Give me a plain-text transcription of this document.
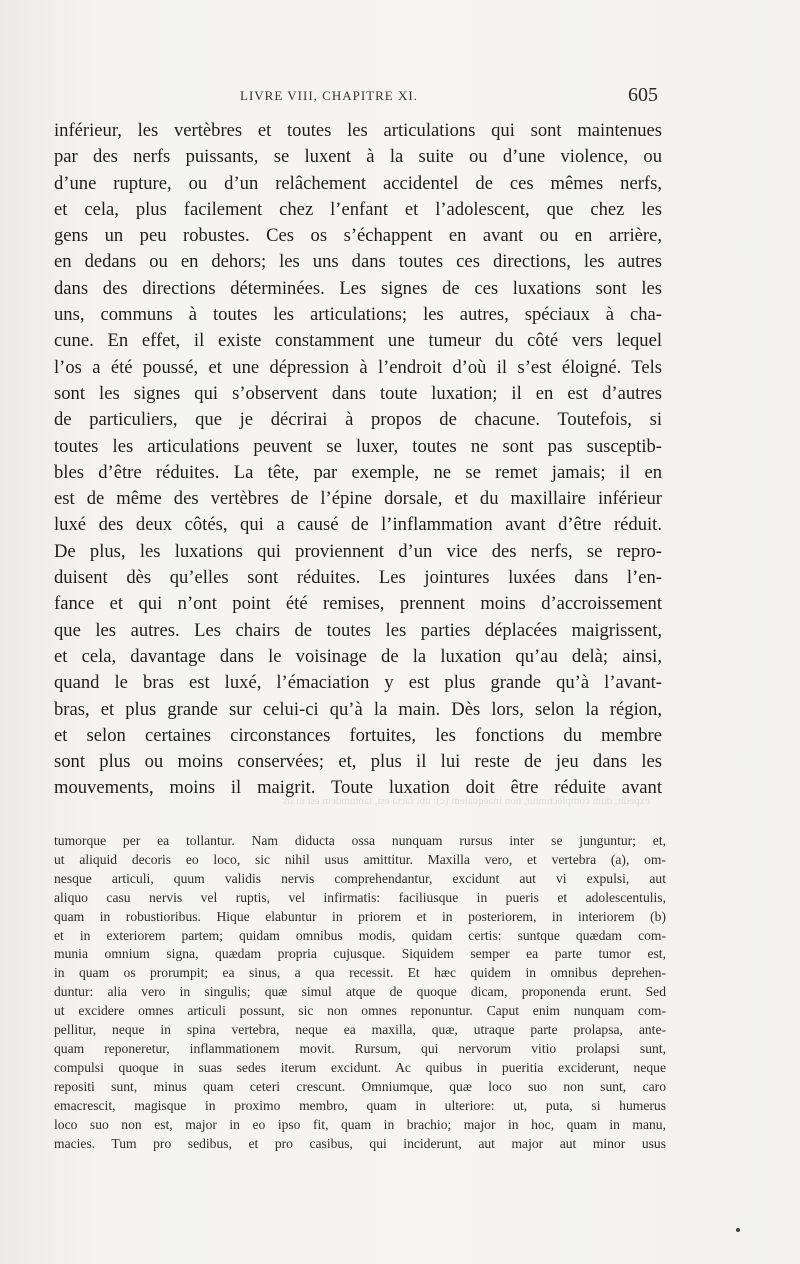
LIVRE VIII, CHAPITRE XI.	605
inférieur, les vertèbres et toutes les articulations qui sont maintenues
par des nerfs puissants, se luxent à la suite ou d’une violence, ou
d’une rupture, ou d’un relâchement accidentel de ces mêmes nerfs,
et cela, plus facilement chez l’enfant et l’adolescent, que chez les
gens un peu robustes. Ces os s’échappent en avant ou en arrière,
en dedans ou en dehors; les uns dans toutes ces directions, les autres
dans des directions déterminées. Les signes de ces luxations sont les
uns, communs à toutes les articulations; les autres, spéciaux à cha-
cune. En effet, il existe constamment une tumeur du côté vers lequel
l’os a été poussé, et une dépression à l’endroit d’où il s’est éloigné. Tels
sont les signes qui s’observent dans toute luxation; il en est d’autres
de particuliers, que je décrirai à propos de chacune. Toutefois, si
toutes les articulations peuvent se luxer, toutes ne sont pas susceptib-
bles d’être réduites. La tête, par exemple, ne se remet jamais; il en
est de même des vertèbres de l’épine dorsale, et du maxillaire inférieur
luxé des deux côtés, qui a causé de l’inflammation avant d’être réduit.
De plus, les luxations qui proviennent d’un vice des nerfs, se repro-
duisent dès qu’elles sont réduites. Les jointures luxées dans l’en-
fance et qui n’ont point été remises, prennent moins d’accroissement
que les autres. Les chairs de toutes les parties déplacées maigrissent,
et cela, davantage dans le voisinage de la luxation qu’au delà; ainsi,
quand le bras est luxé, l’émaciation y est plus grande qu’à l’avant-
bras, et plus grande sur celui-ci qu’à la main. Dès lors, selon la région,
et selon certaines circonstances fortuites, les fonctions du membre
sont plus ou moins conservées; et, plus il lui reste de jeu dans les
mouvements, moins il maigrit. Toute luxation doit être réduite avant
expedit, dum complectuntur, non inaequalem (c): ubi facta est, tantumdem est in iis
tumorque per ea tollantur. Nam diducta ossa nunquam rursus inter se junguntur; et,
ut aliquid decoris eo loco, sic nihil usus amittitur. Maxilla vero, et vertebra (a), om-
nesque articuli, quum validis nervis comprehendantur, excidunt aut vi expulsi, aut
aliquo casu nervis vel ruptis, vel infirmatis: faciliusque in pueris et adolescentulis,
quam in robustioribus. Hique elabuntur in priorem et in posteriorem, in interiorem (b)
et in exteriorem partem; quidam omnibus modis, quidam certis: suntque quædam com-
munia omnium signa, quædam propria cujusque. Siquidem semper ea parte tumor est,
in quam os prorumpit; ea sinus, a qua recessit. Et hæc quidem in omnibus deprehen-
duntur: alia vero in singulis; quæ simul atque de quoque dicam, proponenda erunt. Sed
ut excidere omnes articuli possunt, sic non omnes reponuntur. Caput enim nunquam com-
pellitur, neque in spina vertebra, neque ea maxilla, quæ, utraque parte prolapsa, ante-
quam reponeretur, inflammationem movit. Rursum, qui nervorum vitio prolapsi sunt,
compulsi quoque in suas sedes iterum excidunt. Ac quibus in pueritia exciderunt, neque
repositi sunt, minus quam ceteri crescunt. Omniumque, quæ loco suo non sunt, caro
emacrescit, magisque in proximo membro, quam in ulteriore: ut, puta, si humerus
loco suo non est, major in eo ipso fit, quam in brachio; major in hoc, quam in manu,
macies. Tum pro sedibus, et pro casibus, qui inciderunt, aut major aut minor usus
